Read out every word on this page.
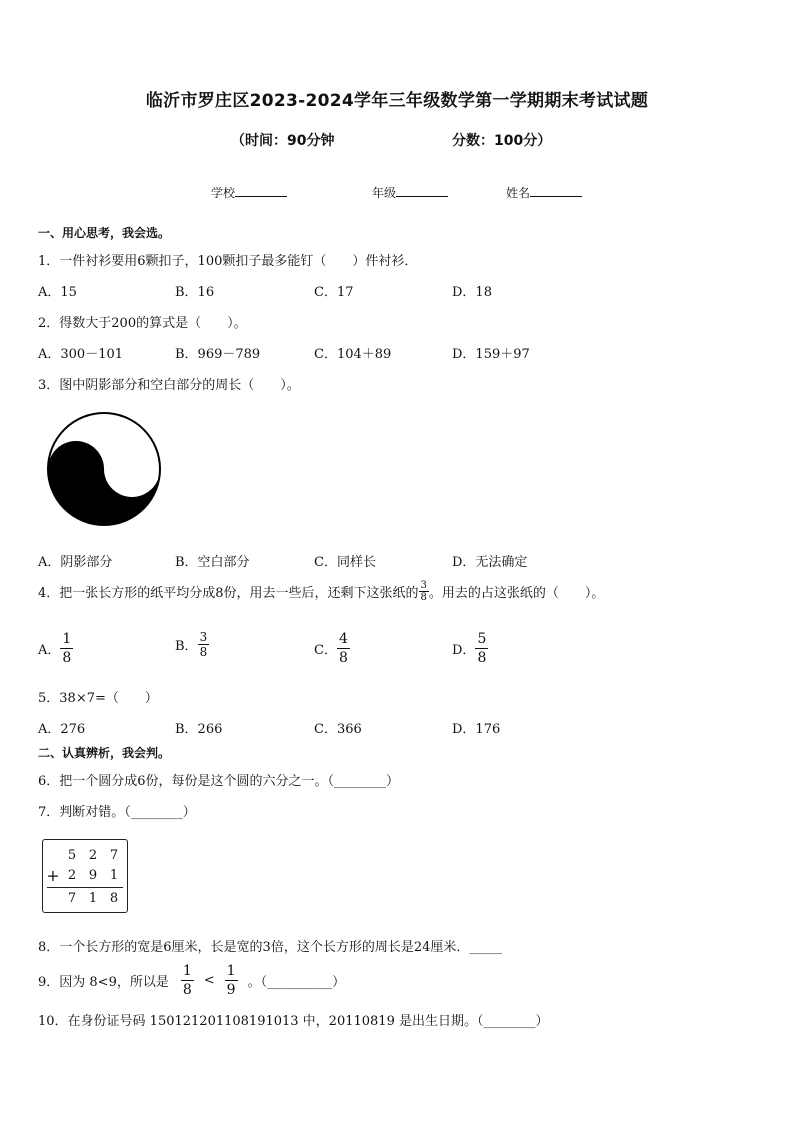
临沂市罗庄区2023-2024学年三年级数学第一学期期末考试试题
（时间：90分钟	分数：100分）
学校	年级	姓名
一、用心思考，我会选。
1．一件衬衫要用6颗扣子，100颗扣子最多能钉（　　）件衬衫．
A．15	B．16	C．17	D．18
2．得数大于200的算式是（　　）。
A．300－101	B．969－789	C．104＋89	D．159＋97
3．图中阴影部分和空白部分的周长（　　）。
A．阴影部分	B．空白部分	C．同样长	D．无法确定
4．把一张长方形的纸平均分成8份，用去一些后，还剩下这张纸的 $\frac{3}{8}$ 。用去的占这张纸的（　　）。
A． $\frac{1}{8}$	B． $\frac{3}{8}$	C． $\frac{4}{8}$	D． $\frac{5}{8}$
5．38×7=（　　）
A．276	B．266	C．366	D．176
二、认真辨析，我会判。
6．把一个圆分成6份，每份是这个圆的六分之一。（________）
7．判断对错。（________）
5 2 7
+ 2 9 1
7 1 8
8．一个长方形的宽是6厘米，长是宽的3倍，这个长方形的周长是24厘米．_____
9．因为 8<9，所以是 $\frac{1}{8} < \frac{1}{9}$ 。（__________）
10．在身份证号码 150121201108191013 中，20110819 是出生日期。（________）
